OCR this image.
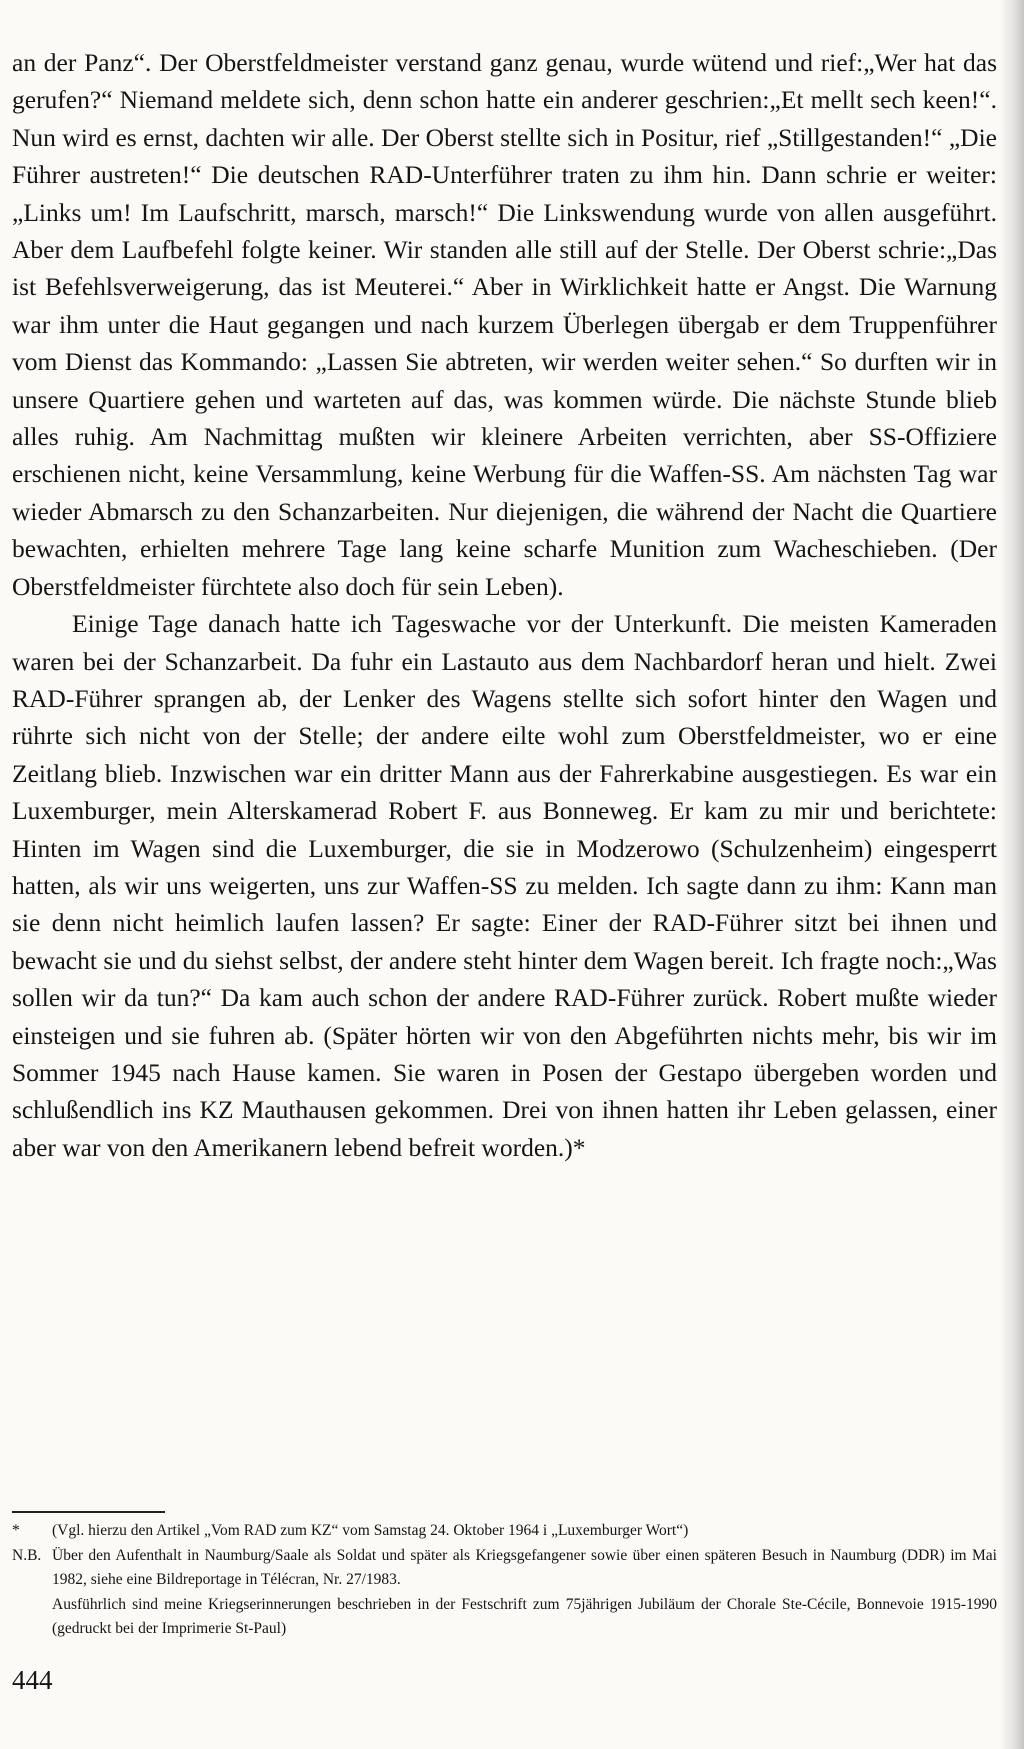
an der Panz“. Der Oberstfeldmeister verstand ganz genau, wurde wütend und rief:„Wer hat das gerufen?“ Niemand meldete sich, denn schon hatte ein anderer geschrien:„Et mellt sech keen!“. Nun wird es ernst, dachten wir alle. Der Oberst stellte sich in Positur, rief „Stillgestanden!“ „Die Führer austreten!“ Die deutschen RAD-Unterführer traten zu ihm hin. Dann schrie er weiter:„Links um! Im Laufschritt, marsch, marsch!“ Die Linkswendung wurde von allen ausgeführt. Aber dem Laufbefehl folgte keiner. Wir standen alle still auf der Stelle. Der Oberst schrie:„Das ist Befehlsverweigerung, das ist Meuterei.“ Aber in Wirklichkeit hatte er Angst. Die Warnung war ihm unter die Haut gegangen und nach kurzem Überlegen übergab er dem Truppenführer vom Dienst das Kommando: „Lassen Sie abtreten, wir werden weiter sehen.“ So durften wir in unsere Quartiere gehen und warteten auf das, was kommen würde. Die nächste Stunde blieb alles ruhig. Am Nachmittag mußten wir kleinere Arbeiten verrichten, aber SS-Offiziere erschienen nicht, keine Versammlung, keine Werbung für die Waffen-SS. Am nächsten Tag war wieder Abmarsch zu den Schanzarbeiten. Nur diejenigen, die während der Nacht die Quartiere bewachten, erhielten mehrere Tage lang keine scharfe Munition zum Wacheschieben. (Der Oberstfeldmeister fürchtete also doch für sein Leben).

Einige Tage danach hatte ich Tageswache vor der Unterkunft. Die meisten Kameraden waren bei der Schanzarbeit. Da fuhr ein Lastauto aus dem Nachbardorf heran und hielt. Zwei RAD-Führer sprangen ab, der Lenker des Wagens stellte sich sofort hinter den Wagen und rührte sich nicht von der Stelle; der andere eilte wohl zum Oberstfeldmeister, wo er eine Zeitlang blieb. Inzwischen war ein dritter Mann aus der Fahrerkabine ausgestiegen. Es war ein Luxemburger, mein Alterskamerad Robert F. aus Bonneweg. Er kam zu mir und berichtete: Hinten im Wagen sind die Luxemburger, die sie in Modzerowo (Schulzenheim) eingesperrt hatten, als wir uns weigerten, uns zur Waffen-SS zu melden. Ich sagte dann zu ihm: Kann man sie denn nicht heimlich laufen lassen? Er sagte: Einer der RAD-Führer sitzt bei ihnen und bewacht sie und du siehst selbst, der andere steht hinter dem Wagen bereit. Ich fragte noch:„Was sollen wir da tun?“ Da kam auch schon der andere RAD-Führer zurück. Robert mußte wieder einsteigen und sie fuhren ab. (Später hörten wir von den Abgeführten nichts mehr, bis wir im Sommer 1945 nach Hause kamen. Sie waren in Posen der Gestapo übergeben worden und schlußendlich ins KZ Mauthausen gekommen. Drei von ihnen hatten ihr Leben gelassen, einer aber war von den Amerikanern lebend befreit worden.)*

*	(Vgl. hierzu den Artikel „Vom RAD zum KZ“ vom Samstag 24. Oktober 1964 i „Luxemburger Wort“)
N.B. Über den Aufenthalt in Naumburg/Saale als Soldat und später als Kriegsgefangener sowie über einen späteren Besuch in Naumburg (DDR) im Mai 1982, siehe eine Bildreportage in Télécran, Nr. 27/1983.
Ausführlich sind meine Kriegserinnerungen beschrieben in der Festschrift zum 75jährigen Jubiläum der Chorale Ste-Cécile, Bonnevoie 1915-1990 (gedruckt bei der Imprimerie St-Paul)
444
